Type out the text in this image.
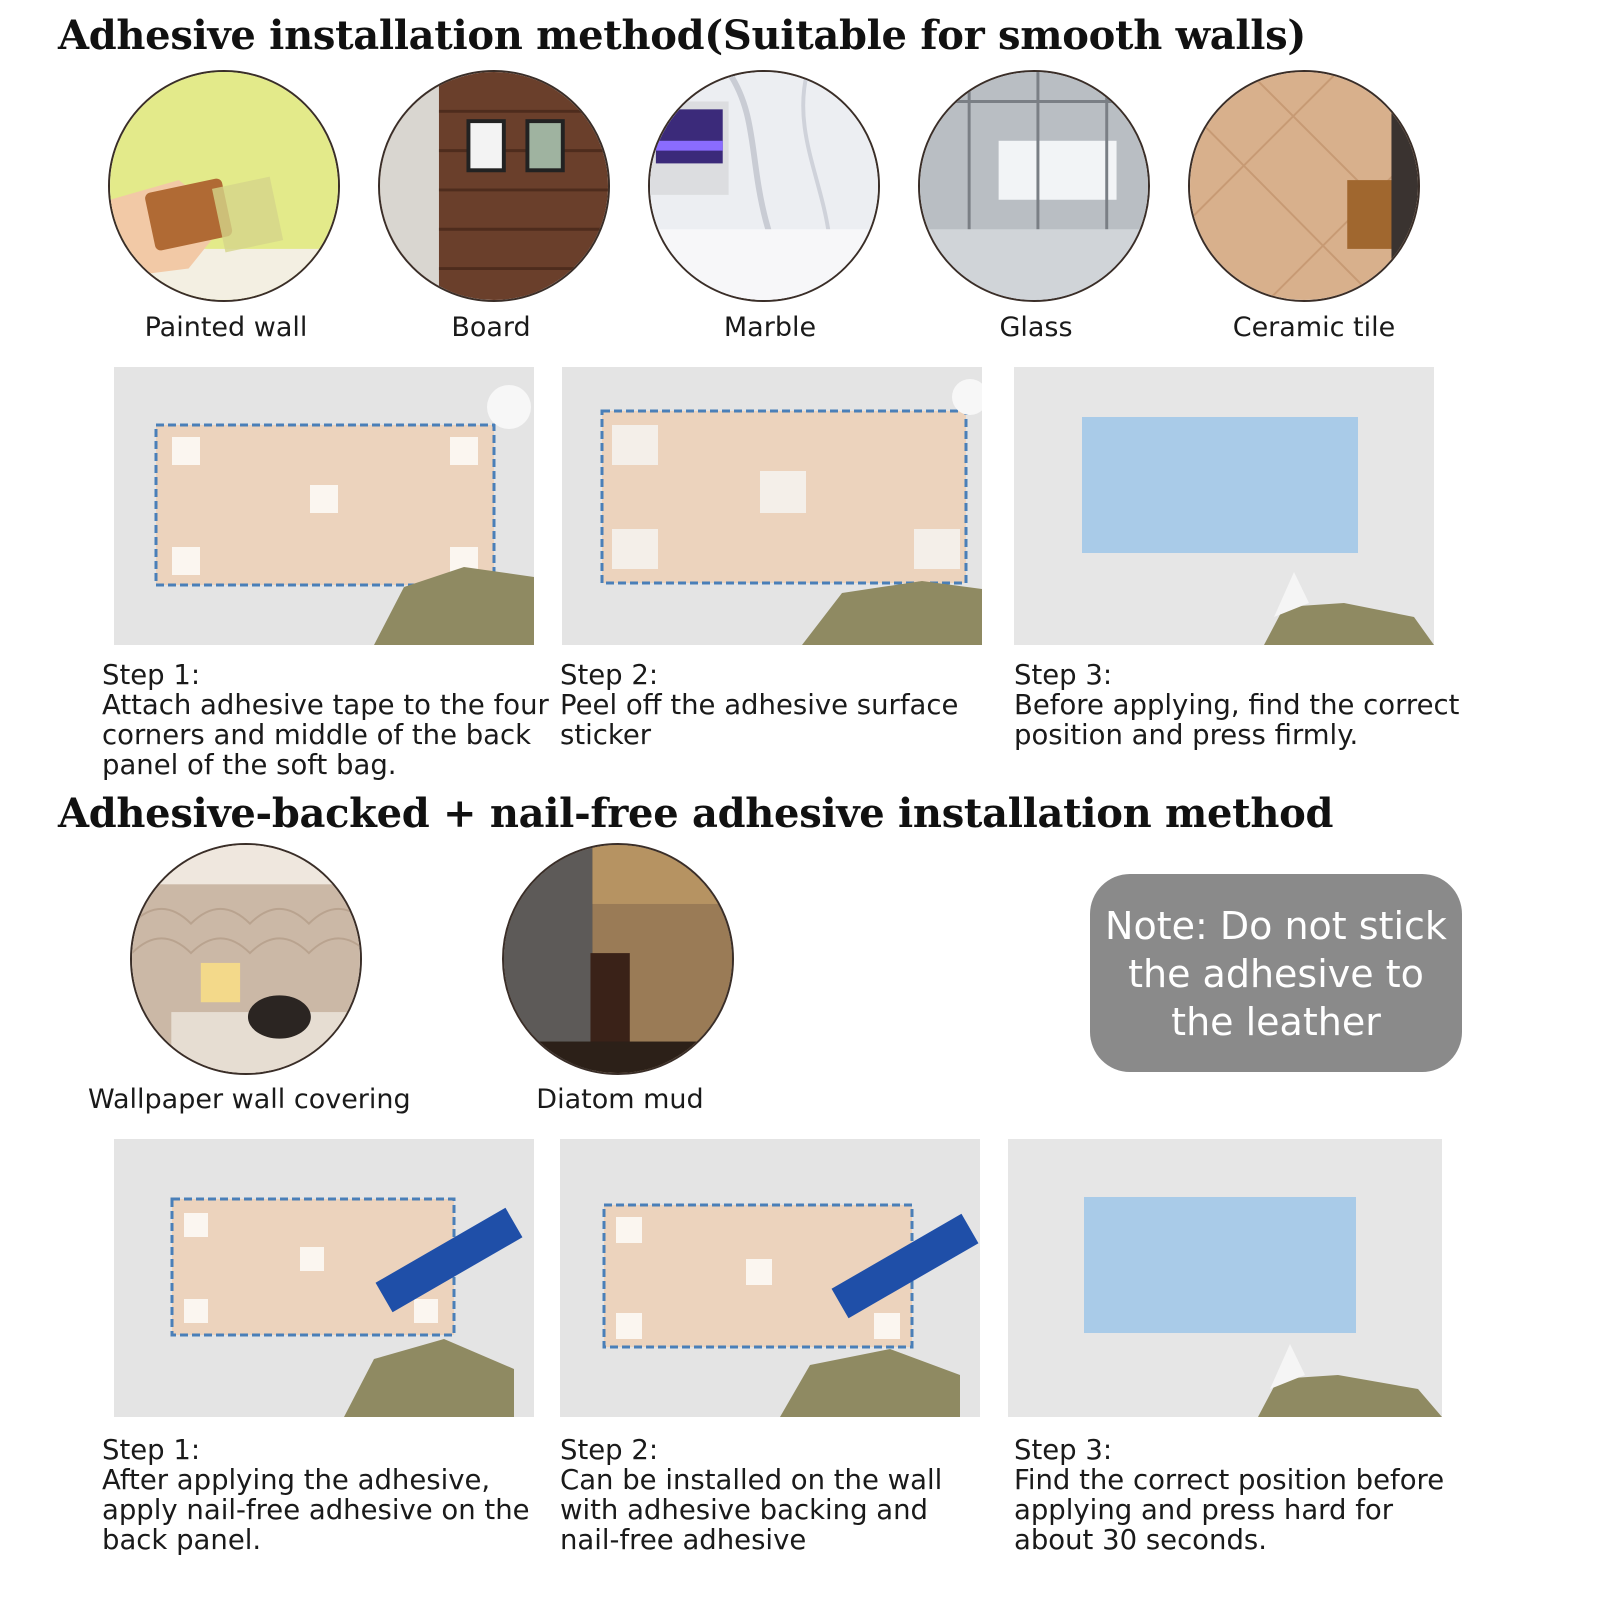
Adhesive installation method(Suitable for smooth walls)
Painted wall	Board	Marble	Glass	Ceramic tile
Step 1:
Attach adhesive tape to the four corners and middle of the back panel of the soft bag.
Step 2:
Peel off the adhesive surface sticker
Step 3:
Before applying, find the correct position and press firmly.
Adhesive-backed + nail-free adhesive installation method
Wallpaper wall covering	Diatom mud
Note: Do not stick the adhesive to the leather
Step 1:
After applying the adhesive, apply nail-free adhesive on the back panel.
Step 2:
Can be installed on the wall with adhesive backing and nail-free adhesive
Step 3:
Find the correct position before applying and press hard for about 30 seconds.
